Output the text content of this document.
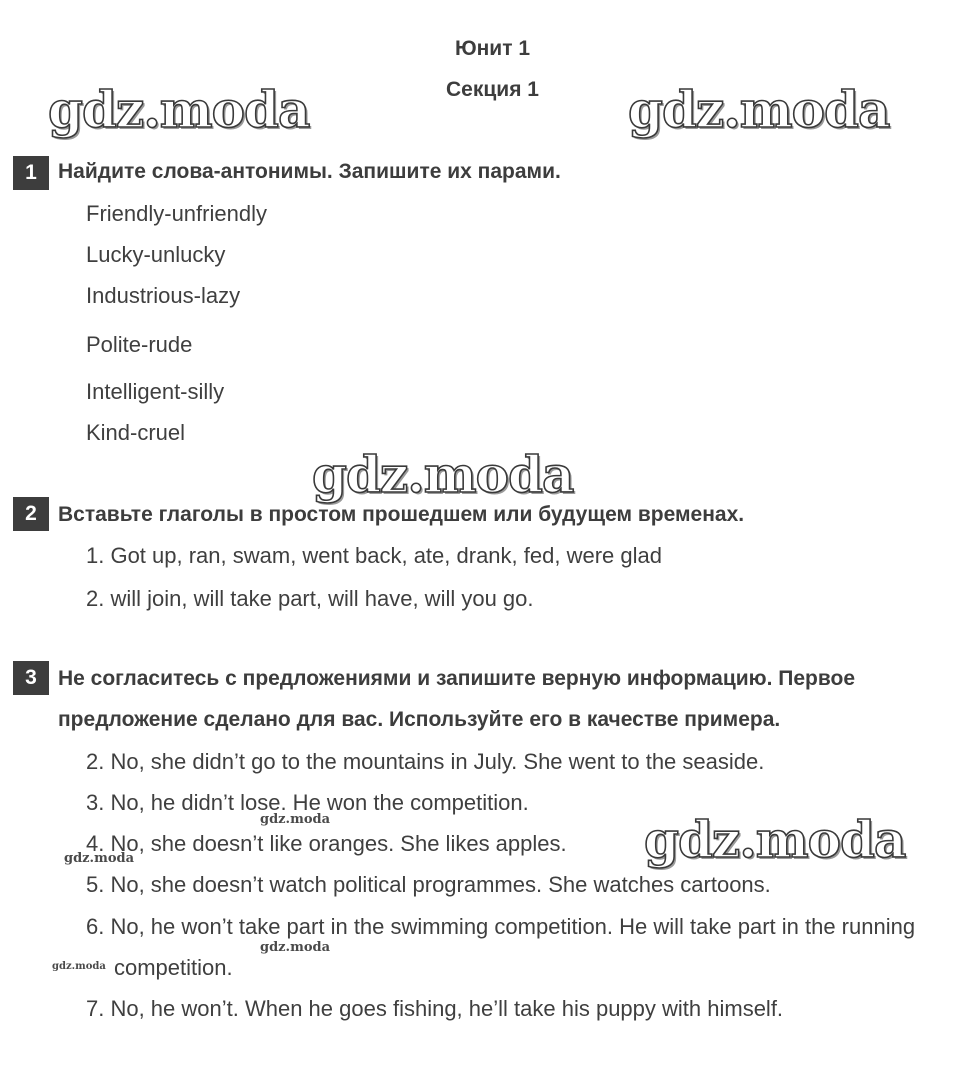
Юнит 1
Секция 1
gdz.moda	gdz.moda
gdz.moda
gdz.moda
gdz.moda
gdz.moda
gdz.moda
gdz.moda
1	Найдите слова-антонимы. Запишите их парами.
Friendly-unfriendly
Lucky-unlucky
Industrious-lazy
Polite-rude
Intelligent-silly
Kind-cruel
2	Вставьте глаголы в простом прошедшем или будущем временах.
1. Got up, ran, swam, went back, ate, drank, fed, were glad
2. will join, will take part, will have, will you go.
3	Не согласитесь с предложениями и запишите верную информацию. Первое
предложение сделано для вас. Используйте его в качестве примера.
2. No, she didn’t go to the mountains in July. She went to the seaside.
3. No, he didn’t lose. He won the competition.
4. No, she doesn’t like oranges. She likes apples.
5. No, she doesn’t watch political programmes. She watches cartoons.
6. No, he won’t take part in the swimming competition. He will take part in the running
competition.
7. No, he won’t. When he goes fishing, he’ll take his puppy with himself.
